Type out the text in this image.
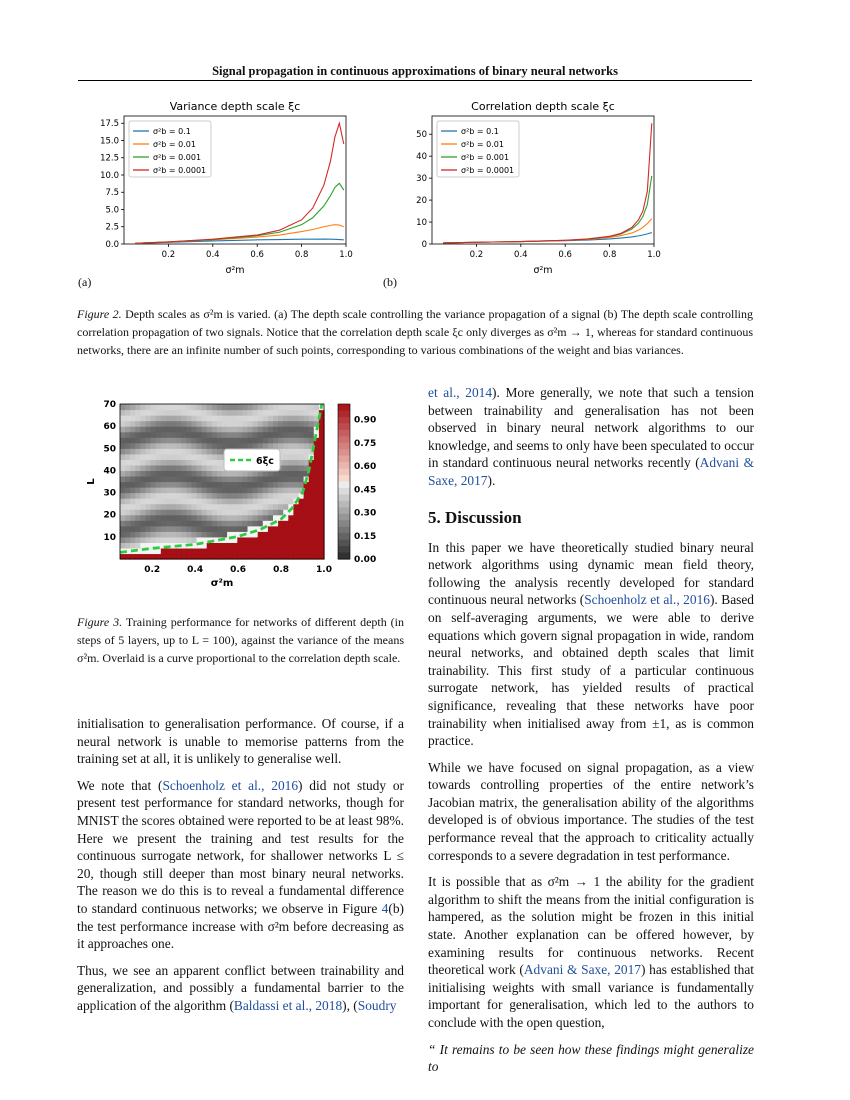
Signal propagation in continuous approximations of binary neural networks
Variance depth scale ξc
0.2	0.4	0.6	0.8	1.0
0.0
2.5
5.0
7.5
10.0
12.5
15.0
17.5
σ²m
σ²b = 0.1
σ²b = 0.01
σ²b = 0.001
σ²b = 0.0001
(a)
Correlation depth scale ξc
0.2	0.4	0.6	0.8	1.0
0
10
20
30
40
50
σ²m
σ²b = 0.1
σ²b = 0.01
σ²b = 0.001
σ²b = 0.0001
(b)
Figure 2. Depth scales as σ²m is varied. (a) The depth scale controlling the variance propagation of a signal (b) The depth scale controlling correlation propagation of two signals. Notice that the correlation depth scale ξc only diverges as σ²m → 1, whereas for standard continuous networks, there are an infinite number of such points, corresponding to various combinations of the weight and bias variances.
6ξc
0.2	0.4	0.6	0.8	1.0
10
20
30
40
50
60
70
σ²m
L
0.90
0.75
0.60
0.45
0.30
0.15
0.00
Figure 3. Training performance for networks of different depth (in steps of 5 layers, up to L = 100), against the variance of the means σ²m. Overlaid is a curve proportional to the correlation depth scale.

initialisation to generalisation performance. Of course, if a neural network is unable to memorise patterns from the training set at all, it is unlikely to generalise well.

We note that (Schoenholz et al., 2016) did not study or present test performance for standard networks, though for MNIST the scores obtained were reported to be at least 98%. Here we present the training and test results for the continuous surrogate network, for shallower networks L ≤ 20, though still deeper than most binary neural networks. The reason we do this is to reveal a fundamental difference to standard continuous networks; we observe in Figure 4(b) the test performance increase with σ²m before decreasing as it approaches one.

Thus, we see an apparent conflict between trainability and generalization, and possibly a fundamental barrier to the application of the algorithm (Baldassi et al., 2018), (Soudry

et al., 2014). More generally, we note that such a tension between trainability and generalisation has not been observed in binary neural network algorithms to our knowledge, and seems to only have been speculated to occur in standard continuous neural networks recently (Advani & Saxe, 2017).

5. Discussion

In this paper we have theoretically studied binary neural network algorithms using dynamic mean field theory, following the analysis recently developed for standard continuous neural networks (Schoenholz et al., 2016). Based on self-averaging arguments, we were able to derive equations which govern signal propagation in wide, random neural networks, and obtained depth scales that limit trainability. This first study of a particular continuous surrogate network, has yielded results of practical significance, revealing that these networks have poor trainability when initialised away from ±1, as is common practice.

While we have focused on signal propagation, as a view towards controlling properties of the entire network’s Jacobian matrix, the generalisation ability of the algorithms developed is of obvious importance. The studies of the test performance reveal that the approach to criticality actually corresponds to a severe degradation in test performance.

It is possible that as σ²m → 1 the ability for the gradient algorithm to shift the means from the initial configuration is hampered, as the solution might be frozen in this initial state. Another explanation can be offered however, by examining results for continuous networks. Recent theoretical work (Advani & Saxe, 2017) has established that initialising weights with small variance is fundamentally important for generalisation, which led to the authors to conclude with the open question,

“ It remains to be seen how these findings might generalize to
